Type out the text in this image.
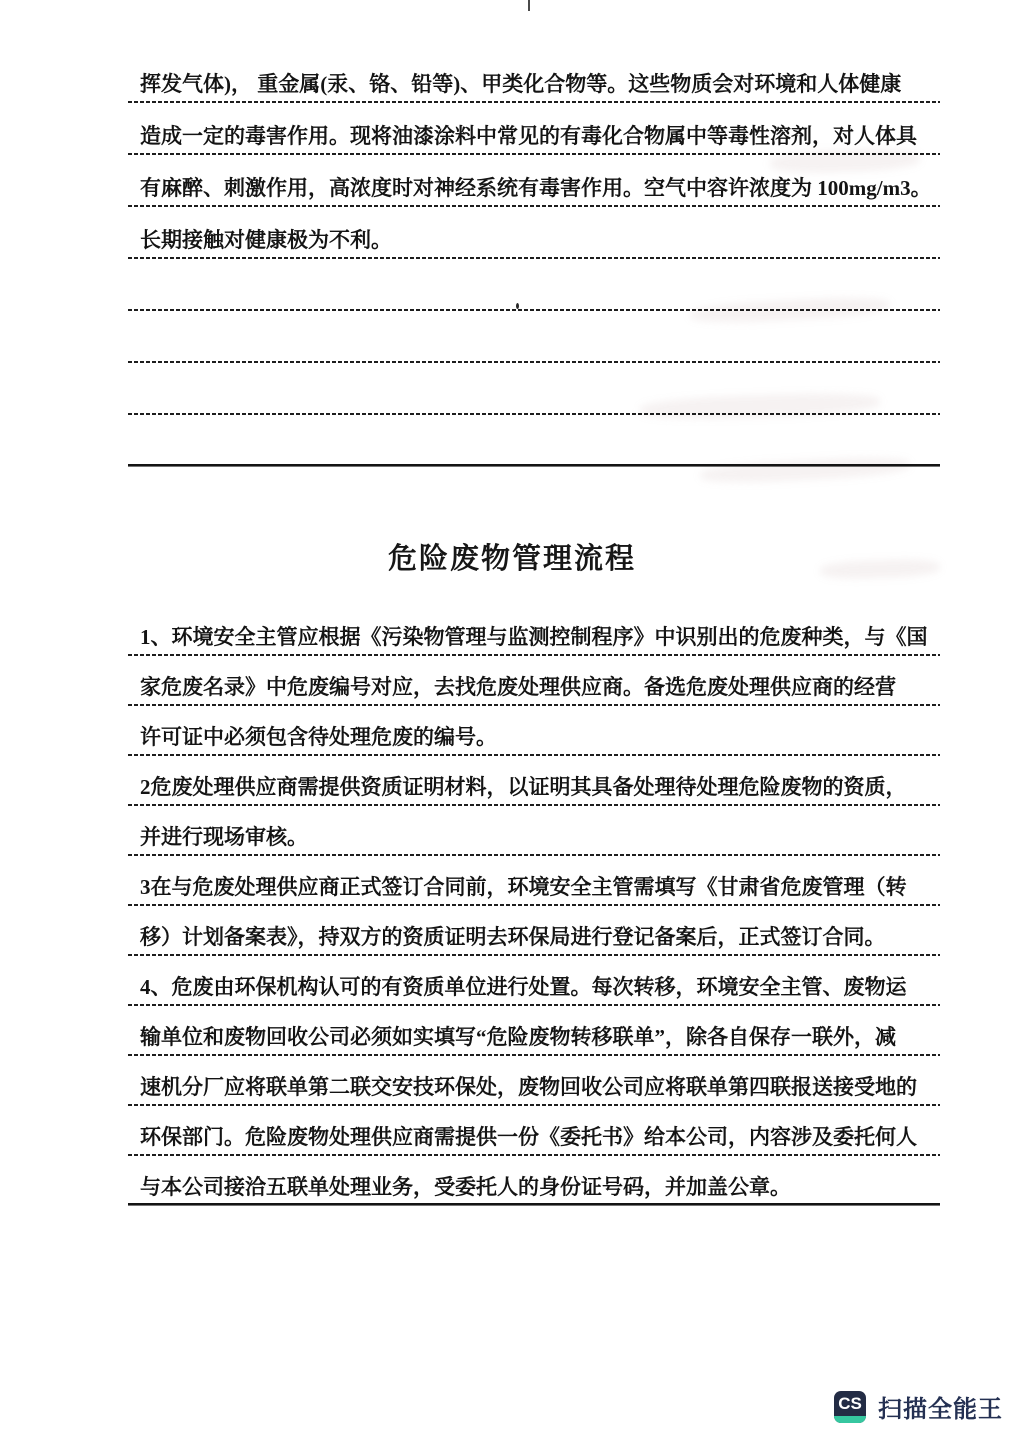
挥发气体)， 重金属(汞、铬、铅等)、甲类化合物等。这些物质会对环境和人体健康
造成一定的毒害作用。现将油漆涂料中常见的有毒化合物属中等毒性溶剂，对人体具
有麻醉、刺激作用，高浓度时对神经系统有毒害作用。空气中容许浓度为 100mg/m3。
长期接触对健康极为不利。
危险废物管理流程
1、环境安全主管应根据《污染物管理与监测控制程序》中识别出的危废种类，与《国
家危废名录》中危废编号对应，去找危废处理供应商。备选危废处理供应商的经营
许可证中必须包含待处理危废的编号。
2危废处理供应商需提供资质证明材料，以证明其具备处理待处理危险废物的资质，
并进行现场审核。
3在与危废处理供应商正式签订合同前，环境安全主管需填写《甘肃省危废管理（转
移）计划备案表》，持双方的资质证明去环保局进行登记备案后，正式签订合同。
4、危废由环保机构认可的有资质单位进行处置。每次转移，环境安全主管、废物运
输单位和废物回收公司必须如实填写“危险废物转移联单”，除各自保存一联外，减
速机分厂应将联单第二联交安技环保处，废物回收公司应将联单第四联报送接受地的
环保部门。危险废物处理供应商需提供一份《委托书》给本公司，内容涉及委托何人
与本公司接洽五联单处理业务，受委托人的身份证号码，并加盖公章。
CS 扫描全能王
